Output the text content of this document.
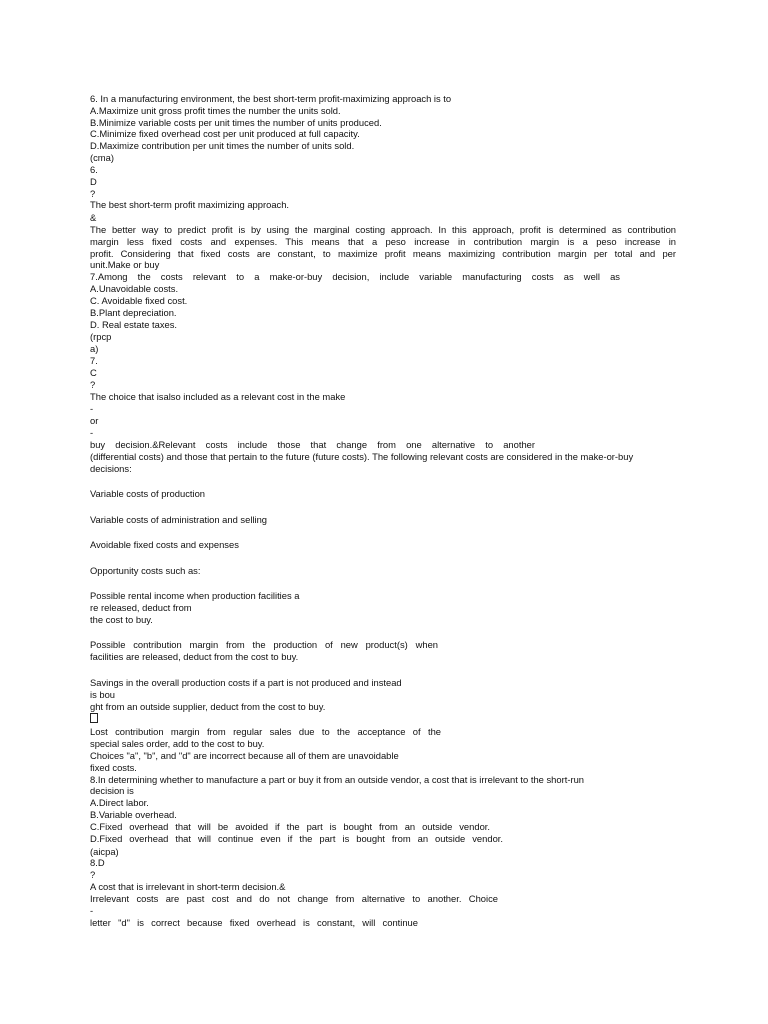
6. In a manufacturing environment, the best short-term profit-maximizing approach is to
A.Maximize unit gross profit times the number the units sold.
B.Minimize variable costs per unit times the number of units produced.
C.Minimize fixed overhead cost per unit produced at full capacity.
D.Maximize contribution per unit times the number of units sold.
(cma)
6.
D
?
The best short-term profit maximizing approach.
&
The better way to predict profit is by using the marginal costing approach. In this approach, profit is determined as contribution
margin less fixed costs and expenses. This means that a peso increase in contribution margin is a peso increase in
profit. Considering that fixed costs are constant, to maximize profit means maximizing contribution margin per total and per
unit.Make or buy
7.Among the costs relevant to a make-or-buy decision, include variable manufacturing costs as well as
A.Unavoidable costs.
C. Avoidable fixed cost.
B.Plant depreciation.
D. Real estate taxes.
(rpcp
a)
7.
C
?
The choice that isalso included as a relevant cost in the make
-
or
-
buy decision.&Relevant costs include those that change from one alternative to another
(differential costs) and those that pertain to the future (future costs). The following relevant costs are considered in the make-or-buy
decisions:
Variable costs of production
Variable costs of administration and selling
Avoidable fixed costs and expenses
Opportunity costs such as:
Possible rental income when production facilities a
re released, deduct from
the cost to buy.
Possible contribution margin from the production of new product(s) when
facilities are released, deduct from the cost to buy.
Savings in the overall production costs if a part is not produced and instead
is bou
ght from an outside supplier, deduct from the cost to buy.
Lost contribution margin from regular sales due to the acceptance of the
special sales order, add to the cost to buy.
Choices "a", "b", and "d" are incorrect because all of them are unavoidable
fixed costs.
8.In determining whether to manufacture a part or buy it from an outside vendor, a cost that is irrelevant to the short-run
decision is
A.Direct labor.
B.Variable overhead.
C.Fixed overhead that will be avoided if the part is bought from an outside vendor.
D.Fixed overhead that will continue even if the part is bought from an outside vendor.
(aicpa)
8.D
?
A cost that is irrelevant in short-term decision.&
Irrelevant costs are past cost and do not change from alternative to another. Choice
-
letter "d" is correct because fixed overhead is constant, will continue
